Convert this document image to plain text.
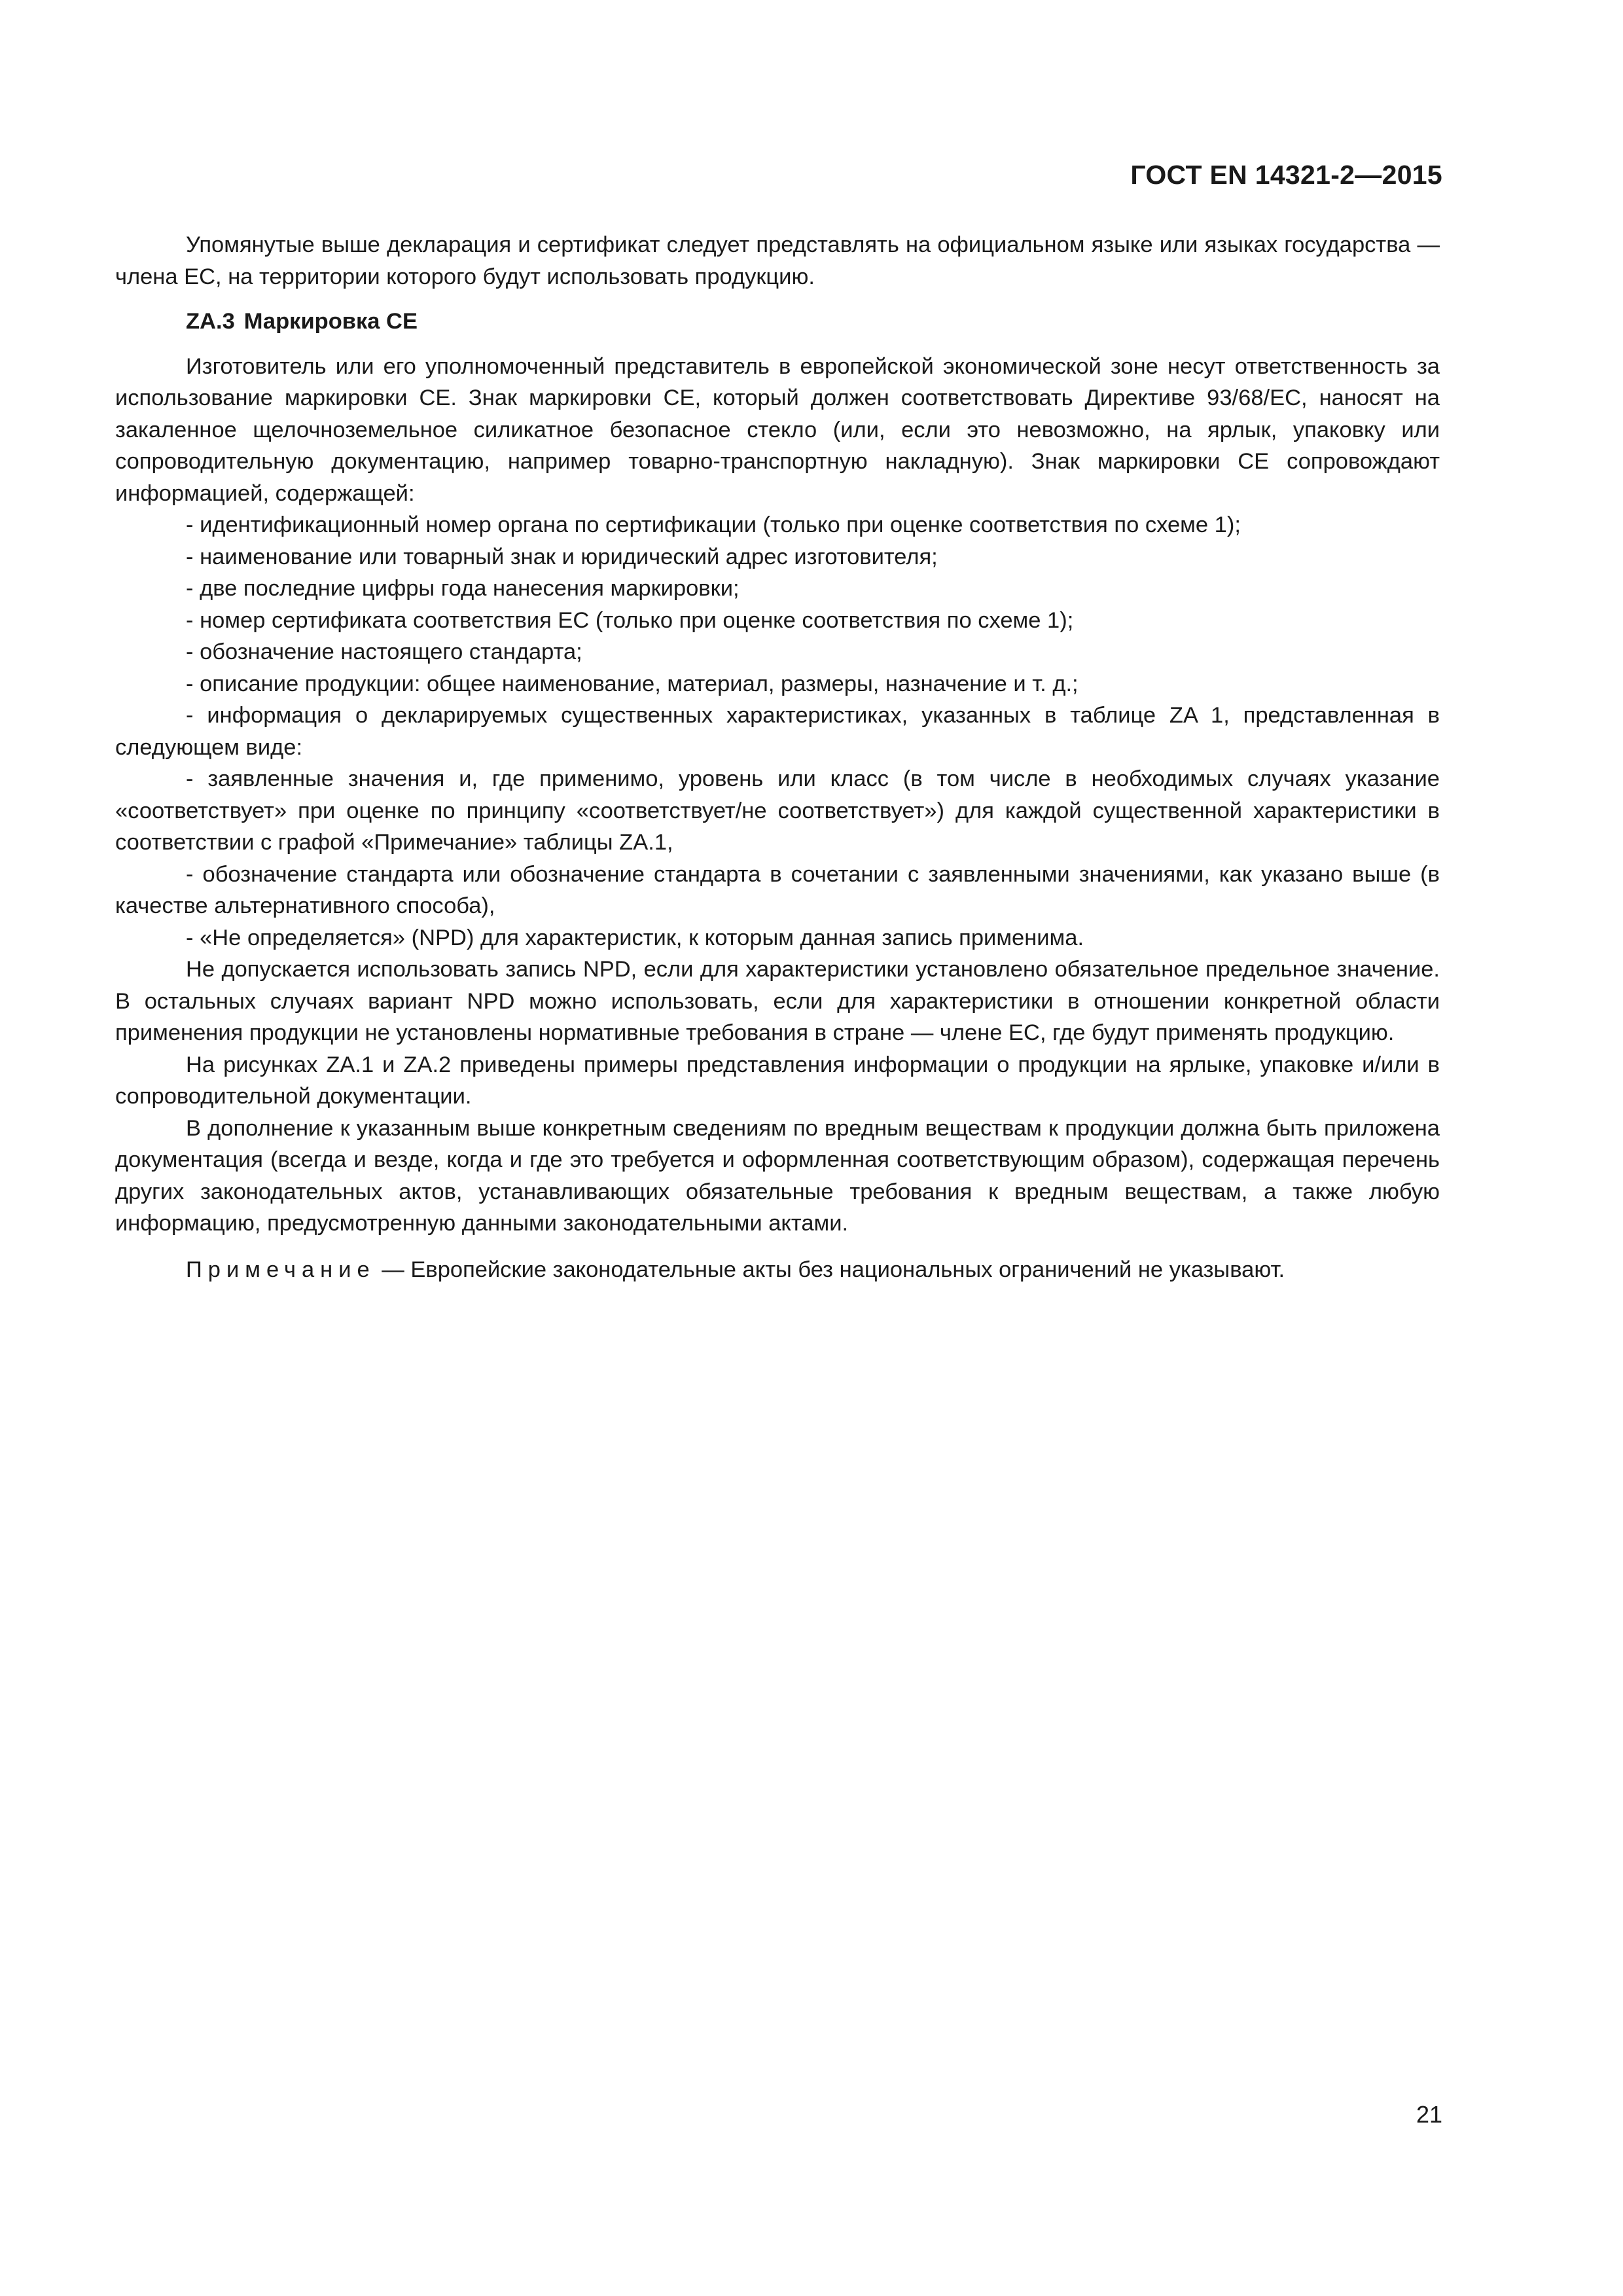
ГОСТ EN 14321-2—2015

Упомянутые выше декларация и сертификат следует представлять на официальном языке или языках государства — члена ЕС, на территории которого будут использовать продукцию.

ZA.3 Маркировка CE

Изготовитель или его уполномоченный представитель в европейской экономической зоне несут ответственность за использование маркировки CE. Знак маркировки CE, который должен соответствовать Директиве 93/68/EC, наносят на закаленное щелочноземельное силикатное безопасное стекло (или, если это невозможно, на ярлык, упаковку или сопроводительную документацию, например товарно-транспортную накладную). Знак маркировки CE сопровождают информацией, содержащей:

- идентификационный номер органа по сертификации (только при оценке соответствия по схеме 1);

- наименование или товарный знак и юридический адрес изготовителя;

- две последние цифры года нанесения маркировки;

- номер сертификата соответствия ЕС (только при оценке соответствия по схеме 1);

- обозначение настоящего стандарта;

- описание продукции: общее наименование, материал, размеры, назначение и т. д.;

- информация о декларируемых существенных характеристиках, указанных в таблице ZA 1, представленная в следующем виде:

- заявленные значения и, где применимо, уровень или класс (в том числе в необходимых случаях указание «соответствует» при оценке по принципу «соответствует/не соответствует») для каждой существенной характеристики в соответствии с графой «Примечание» таблицы ZA.1,

- обозначение стандарта или обозначение стандарта в сочетании с заявленными значениями, как указано выше (в качестве альтернативного способа),

- «Не определяется» (NPD) для характеристик, к которым данная запись применима.

Не допускается использовать запись NPD, если для характеристики установлено обязательное предельное значение. В остальных случаях вариант NPD можно использовать, если для характеристики в отношении конкретной области применения продукции не установлены нормативные требования в стране — члене ЕС, где будут применять продукцию.

На рисунках ZA.1 и ZA.2 приведены примеры представления информации о продукции на ярлыке, упаковке и/или в сопроводительной документации.

В дополнение к указанным выше конкретным сведениям по вредным веществам к продукции должна быть приложена документация (всегда и везде, когда и где это требуется и оформленная соответствующим образом), содержащая перечень других законодательных актов, устанавливающих обязательные требования к вредным веществам, а также любую информацию, предусмотренную данными законодательными актами.

Примечание — Европейские законодательные акты без национальных ограничений не указывают.

21
